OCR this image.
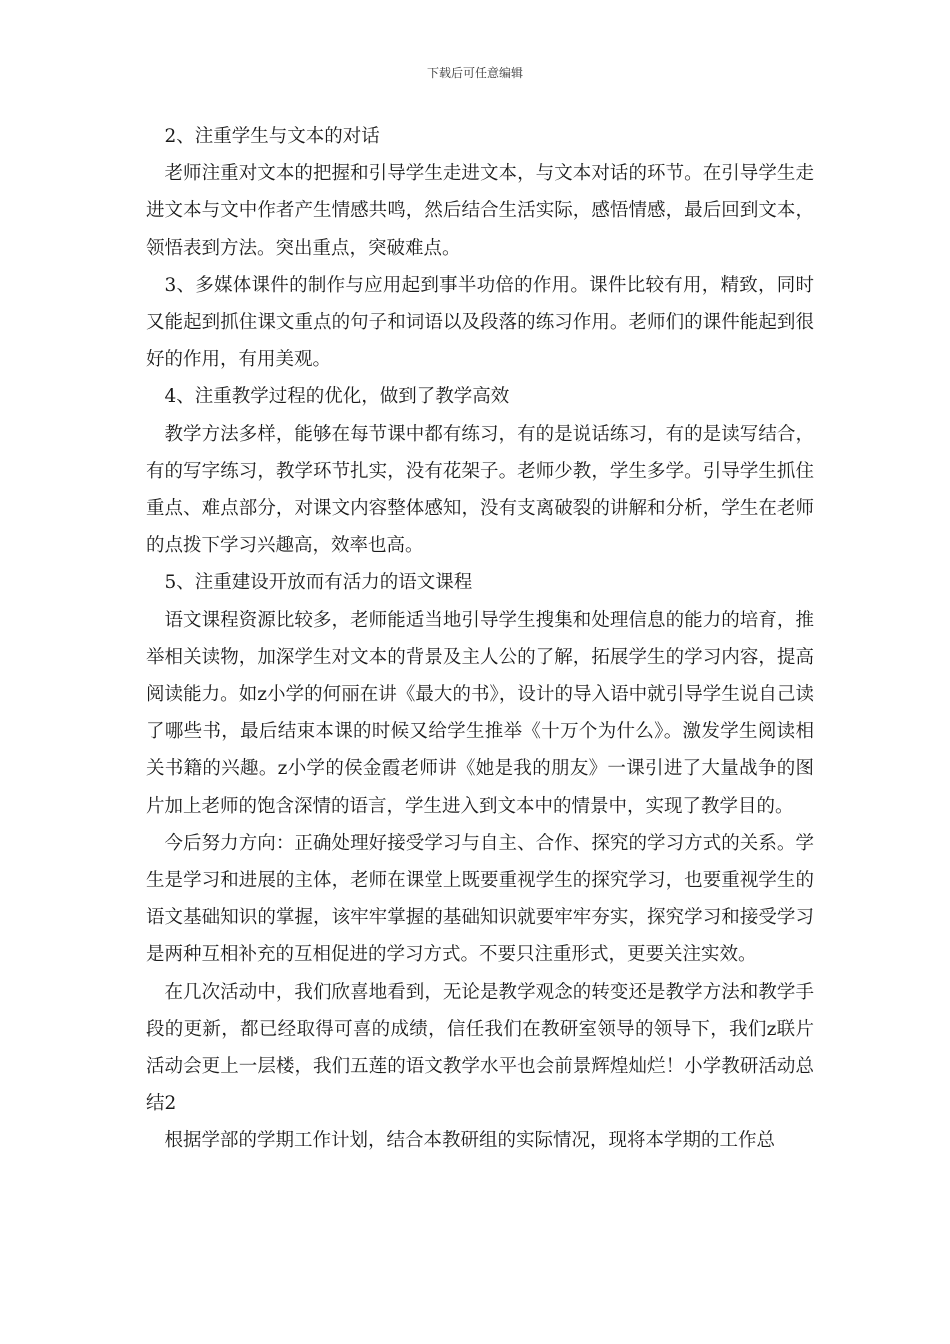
下载后可任意编辑

2、注重学生与文本的对话

老师注重对文本的把握和引导学生走进文本，与文本对话的环节。在引导学生走进文本与文中作者产生情感共鸣，然后结合生活实际，感悟情感，最后回到文本，领悟表到方法。突出重点，突破难点。

3、多媒体课件的制作与应用起到事半功倍的作用。课件比较有用，精致，同时又能起到抓住课文重点的句子和词语以及段落的练习作用。老师们的课件能起到很好的作用，有用美观。

4、注重教学过程的优化，做到了教学高效

教学方法多样，能够在每节课中都有练习，有的是说话练习，有的是读写结合，有的写字练习，教学环节扎实，没有花架子。老师少教，学生多学。引导学生抓住重点、难点部分，对课文内容整体感知，没有支离破裂的讲解和分析，学生在老师的点拨下学习兴趣高，效率也高。

5、注重建设开放而有活力的语文课程

语文课程资源比较多，老师能适当地引导学生搜集和处理信息的能力的培育，推举相关读物，加深学生对文本的背景及主人公的了解，拓展学生的学习内容，提高阅读能力。如z小学的何丽在讲《最大的书》，设计的导入语中就引导学生说自己读了哪些书，最后结束本课的时候又给学生推举《十万个为什么》。激发学生阅读相关书籍的兴趣。z小学的侯金霞老师讲《她是我的朋友》一课引进了大量战争的图片加上老师的饱含深情的语言，学生进入到文本中的情景中，实现了教学目的。

今后努力方向：正确处理好接受学习与自主、合作、探究的学习方式的关系。学生是学习和进展的主体，老师在课堂上既要重视学生的探究学习，也要重视学生的语文基础知识的掌握，该牢牢掌握的基础知识就要牢牢夯实，探究学习和接受学习是两种互相补充的互相促进的学习方式。不要只注重形式，更要关注实效。

在几次活动中，我们欣喜地看到，无论是教学观念的转变还是教学方法和教学手段的更新，都已经取得可喜的成绩，信任我们在教研室领导的领导下，我们z联片活动会更上一层楼，我们五莲的语文教学水平也会前景辉煌灿烂！小学教研活动总结2

根据学部的学期工作计划，结合本教研组的实际情况，现将本学期的工作总
